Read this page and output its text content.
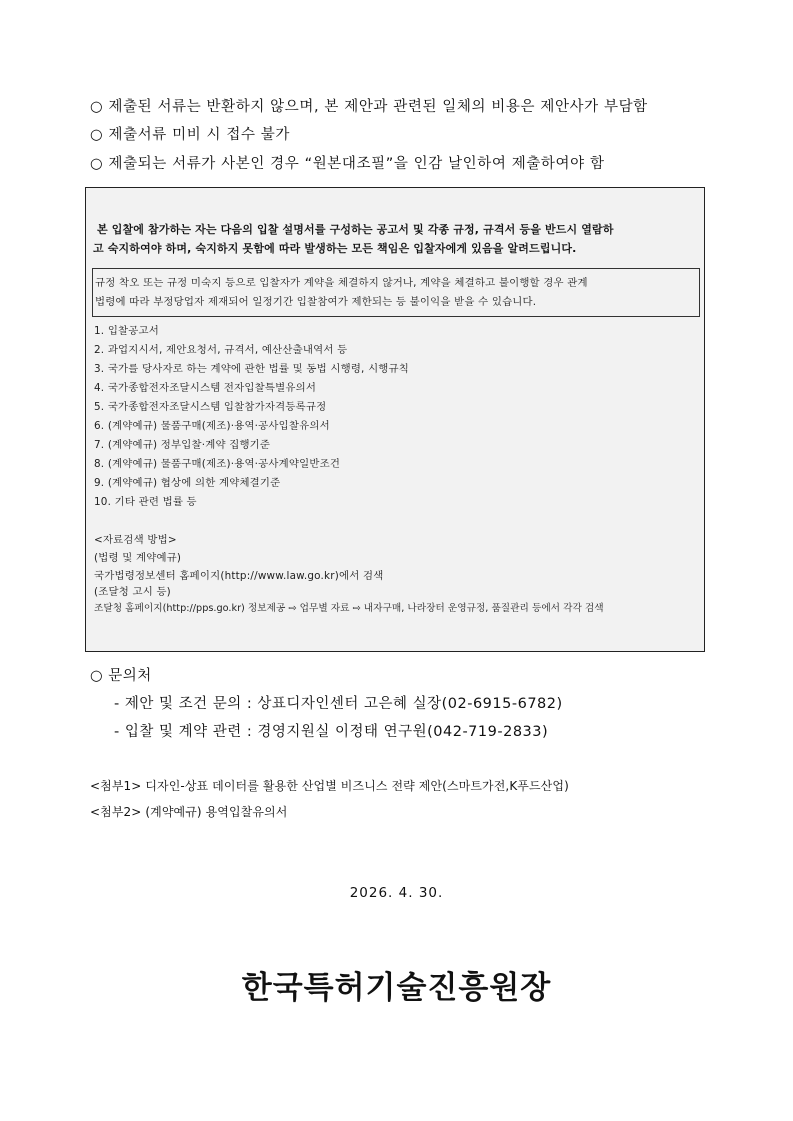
○ 제출된 서류는 반환하지 않으며, 본 제안과 관련된 일체의 비용은 제안사가 부담함
○ 제출서류 미비 시 접수 불가
○ 제출되는 서류가 사본인 경우 “원본대조필”을 인감 날인하여 제출하여야 함
본 입찰에 참가하는 자는 다음의 입찰 설명서를 구성하는 공고서 및 각종 규정, 규격서 등을 반드시 열람하
고 숙지하여야 하며, 숙지하지 못함에 따라 발생하는 모든 책임은 입찰자에게 있음을 알려드립니다.
규정 착오 또는 규정 미숙지 등으로 입찰자가 계약을 체결하지 않거나, 계약을 체결하고 불이행할 경우 관계
법령에 따라 부정당업자 제재되어 일정기간 입찰참여가 제한되는 등 불이익을 받을 수 있습니다.
1. 입찰공고서
2. 과업지시서, 제안요청서, 규격서, 예산산출내역서 등
3. 국가를 당사자로 하는 계약에 관한 법률 및 동법 시행령, 시행규칙
4. 국가종합전자조달시스템 전자입찰특별유의서
5. 국가종합전자조달시스템 입찰참가자격등록규정
6. (계약예규) 물품구매(제조)·용역·공사입찰유의서
7. (계약예규) 정부입찰·계약 집행기준
8. (계약예규) 물품구매(제조)·용역·공사계약일반조건
9. (계약예규) 협상에 의한 계약체결기준
10. 기타 관련 법률 등
<자료검색 방법>
(법령 및 계약예규)
국가법령정보센터 홈페이지(http://www.law.go.kr)에서 검색
(조달청 고시 등)
조달청 홈페이지(http://pps.go.kr) 정보제공 ⇨ 업무별 자료 ⇨ 내자구매, 나라장터 운영규정, 품질관리 등에서 각각 검색
○ 문의처
- 제안 및 조건 문의 : 상표디자인센터 고은혜 실장(02-6915-6782)
- 입찰 및 계약 관련 : 경영지원실 이정태 연구원(042-719-2833)
<첨부1> 디자인-상표 데이터를 활용한 산업별 비즈니스 전략 제안(스마트가전,K푸드산업)
<첨부2> (계약예규) 용역입찰유의서
2026. 4. 30.
한국특허기술진흥원장
